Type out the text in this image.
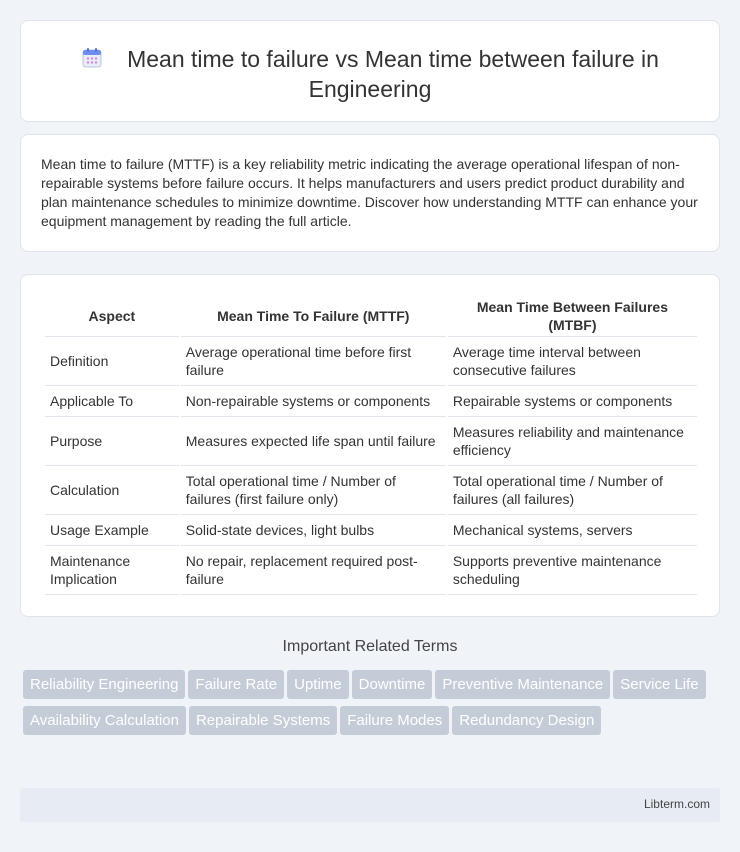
Mean time to failure vs Mean time between failure in Engineering

Mean time to failure (MTTF) is a key reliability metric indicating the average operational lifespan of non-repairable systems before failure occurs. It helps manufacturers and users predict product durability and plan maintenance schedules to minimize downtime. Discover how understanding MTTF can enhance your equipment management by reading the full article.

Aspect	Mean Time To Failure (MTTF)	Mean Time Between Failures (MTBF)
Definition	Average operational time before first failure	Average time interval between consecutive failures
Applicable To	Non-repairable systems or components	Repairable systems or components
Purpose	Measures expected life span until failure	Measures reliability and maintenance efficiency
Calculation	Total operational time / Number of failures (first failure only)	Total operational time / Number of failures (all failures)
Usage Example	Solid-state devices, light bulbs	Mechanical systems, servers
Maintenance Implication	No repair, replacement required post-failure	Supports preventive maintenance scheduling
Important Related Terms
Reliability Engineering Failure Rate Uptime Downtime Preventive Maintenance Service LifeAvailability Calculation Repairable Systems Failure Modes Redundancy Design
Libterm.com
